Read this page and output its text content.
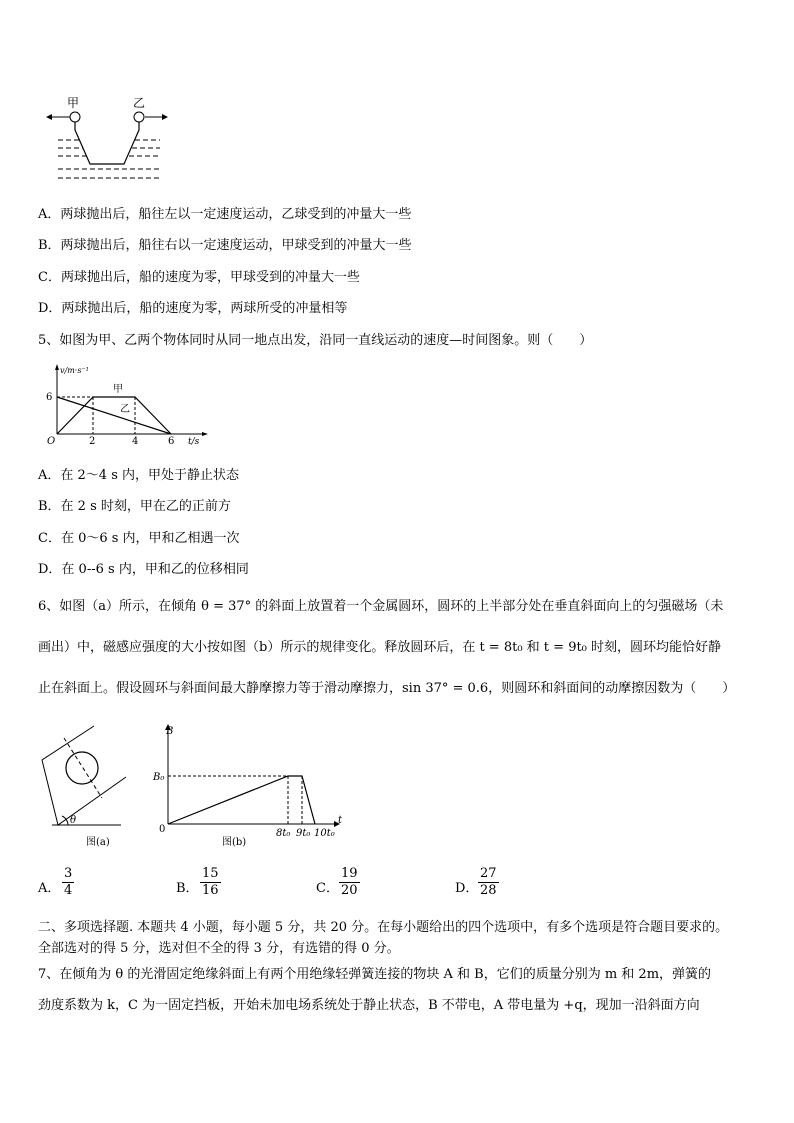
甲	乙
A．两球抛出后，船往左以一定速度运动，乙球受到的冲量大一些
B．两球抛出后，船往右以一定速度运动，甲球受到的冲量大一些
C．两球抛出后，船的速度为零，甲球受到的冲量大一些
D．两球抛出后，船的速度为零，两球所受的冲量相等
5、如图为甲、乙两个物体同时从同一地点出发，沿同一直线运动的速度—时间图象。则（　　）
v/m·s⁻¹
6
O	2	4	6 t/s
甲
乙
A．在 2～4 s 内，甲处于静止状态
B．在 2 s 时刻，甲在乙的正前方
C．在 0～6 s 内，甲和乙相遇一次
D．在 0--6 s 内，甲和乙的位移相同
6、如图（a）所示，在倾角 θ = 37° 的斜面上放置着一个金属圆环，圆环的上半部分处在垂直斜面向上的匀强磁场（未
画出）中，磁感应强度的大小按如图（b）所示的规律变化。释放圆环后，在 t = 8t₀ 和 t = 9t₀ 时刻，圆环均能恰好静
止在斜面上。假设圆环与斜面间最大静摩擦力等于滑动摩擦力，sin 37° = 0.6，则圆环和斜面间的动摩擦因数为（　　）
θ
图(a)
B
B₀
0
t
8t₀ 9t₀ 10t₀
图(b)
A． $\frac{3}{4}$	B． $\frac{15}{16}$	C． $\frac{19}{20}$	D． $\frac{27}{28}$
二、多项选择题. 本题共 4 小题，每小题 5 分，共 20 分。在每小题给出的四个选项中，有多个选项是符合题目要求的。
全部选对的得 5 分，选对但不全的得 3 分，有选错的得 0 分。
7、在倾角为 θ 的光滑固定绝缘斜面上有两个用绝缘轻弹簧连接的物块 A 和 B，它们的质量分别为 m 和 2m，弹簧的
劲度系数为 k，C 为一固定挡板，开始未加电场系统处于静止状态，B 不带电，A 带电量为 +q，现加一沿斜面方向
